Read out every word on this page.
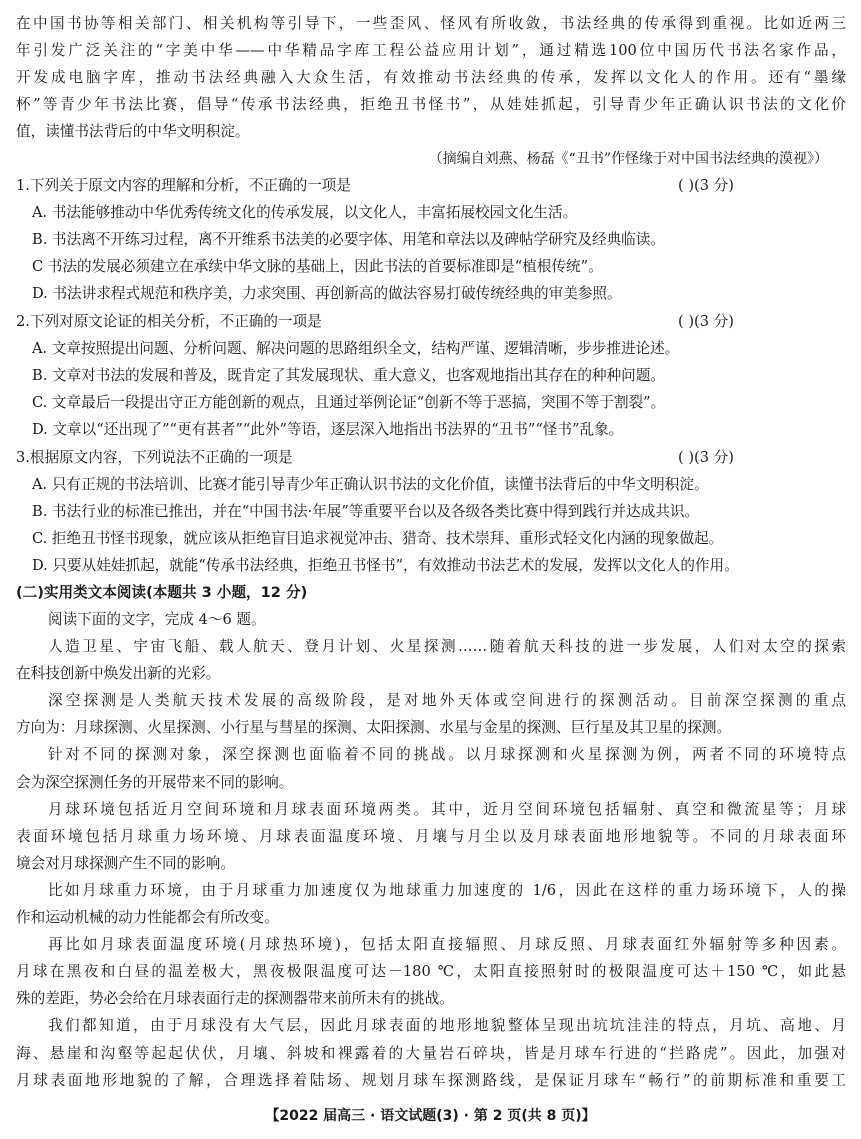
在中国书协等相关部门、相关机构等引导下，一些歪风、怪风有所收敛，书法经典的传承得到重视。比如近两三
年引发广泛关注的“字美中华——中华精品字库工程公益应用计划”，通过精选100位中国历代书法名家作品，
开发成电脑字库，推动书法经典融入大众生活，有效推动书法经典的传承，发挥以文化人的作用。还有“墨缘
杯”等青少年书法比赛，倡导“传承书法经典，拒绝丑书怪书”，从娃娃抓起，引导青少年正确认识书法的文化价
值，读懂书法背后的中华文明积淀。
（摘编自刘燕、杨磊《“丑书”作怪缘于对中国书法经典的漠视》）
1.下列关于原文内容的理解和分析，不正确的一项是	( )(3 分)
A. 书法能够推动中华优秀传统文化的传承发展，以文化人，丰富拓展校园文化生活。
B. 书法离不开练习过程，离不开维系书法美的必要字体、用笔和章法以及碑帖学研究及经典临读。
C 书法的发展必须建立在承续中华文脉的基础上，因此书法的首要标准即是“植根传统”。
D. 书法讲求程式规范和秩序美，力求突围、再创新高的做法容易打破传统经典的审美参照。
2.下列对原文论证的相关分析，不正确的一项是	( )(3 分)
A. 文章按照提出问题、分析问题、解决问题的思路组织全文，结构严谨、逻辑清晰，步步推进论述。
B. 文章对书法的发展和普及，既肯定了其发展现状、重大意义，也客观地指出其存在的种种问题。
C. 文章最后一段提出守正方能创新的观点，且通过举例论证“创新不等于恶搞，突围不等于割裂”。
D. 文章以“还出现了”“更有甚者”“此外”等语，逐层深入地指出书法界的“丑书”“怪书”乱象。
3.根据原文内容，下列说法不正确的一项是	( )(3 分)
A. 只有正规的书法培训、比赛才能引导青少年正确认识书法的文化价值，读懂书法背后的中华文明积淀。
B. 书法行业的标准已推出，并在“中国书法·年展”等重要平台以及各级各类比赛中得到践行并达成共识。
C. 拒绝丑书怪书现象，就应该从拒绝盲目追求视觉冲击、猎奇、技术崇拜、重形式轻文化内涵的现象做起。
D. 只要从娃娃抓起，就能“传承书法经典，拒绝丑书怪书”，有效推动书法艺术的发展，发挥以文化人的作用。
(二)实用类文本阅读(本题共 3 小题，12 分)
阅读下面的文字，完成 4～6 题。
人造卫星、宇宙飞船、载人航天、登月计划、火星探测……随着航天科技的进一步发展，人们对太空的探索
在科技创新中焕发出新的光彩。
深空探测是人类航天技术发展的高级阶段，是对地外天体或空间进行的探测活动。目前深空探测的重点
方向为：月球探测、火星探测、小行星与彗星的探测、太阳探测、水星与金星的探测、巨行星及其卫星的探测。
针对不同的探测对象，深空探测也面临着不同的挑战。以月球探测和火星探测为例，两者不同的环境特点
会为深空探测任务的开展带来不同的影响。
月球环境包括近月空间环境和月球表面环境两类。其中，近月空间环境包括辐射、真空和微流星等；月球
表面环境包括月球重力场环境、月球表面温度环境、月壤与月尘以及月球表面地形地貌等。不同的月球表面环
境会对月球探测产生不同的影响。
比如月球重力环境，由于月球重力加速度仅为地球重力加速度的 1/6，因此在这样的重力场环境下，人的操
作和运动机械的动力性能都会有所改变。
再比如月球表面温度环境(月球热环境)，包括太阳直接辐照、月球反照、月球表面红外辐射等多种因素。
月球在黑夜和白昼的温差极大，黑夜极限温度可达－180 ℃，太阳直接照射时的极限温度可达＋150 ℃，如此悬
殊的差距，势必会给在月球表面行走的探测器带来前所未有的挑战。
我们都知道，由于月球没有大气层，因此月球表面的地形地貌整体呈现出坑坑洼洼的特点，月坑、高地、月
海、悬崖和沟壑等起起伏伏，月壤、斜坡和裸露着的大量岩石碎块，皆是月球车行进的“拦路虎”。因此，加强对
月球表面地形地貌的了解，合理选择着陆场、规划月球车探测路线，是保证月球车“畅行”的前期标准和重要工
【2022 届高三 · 语文试题(3) · 第 2 页(共 8 页)】
